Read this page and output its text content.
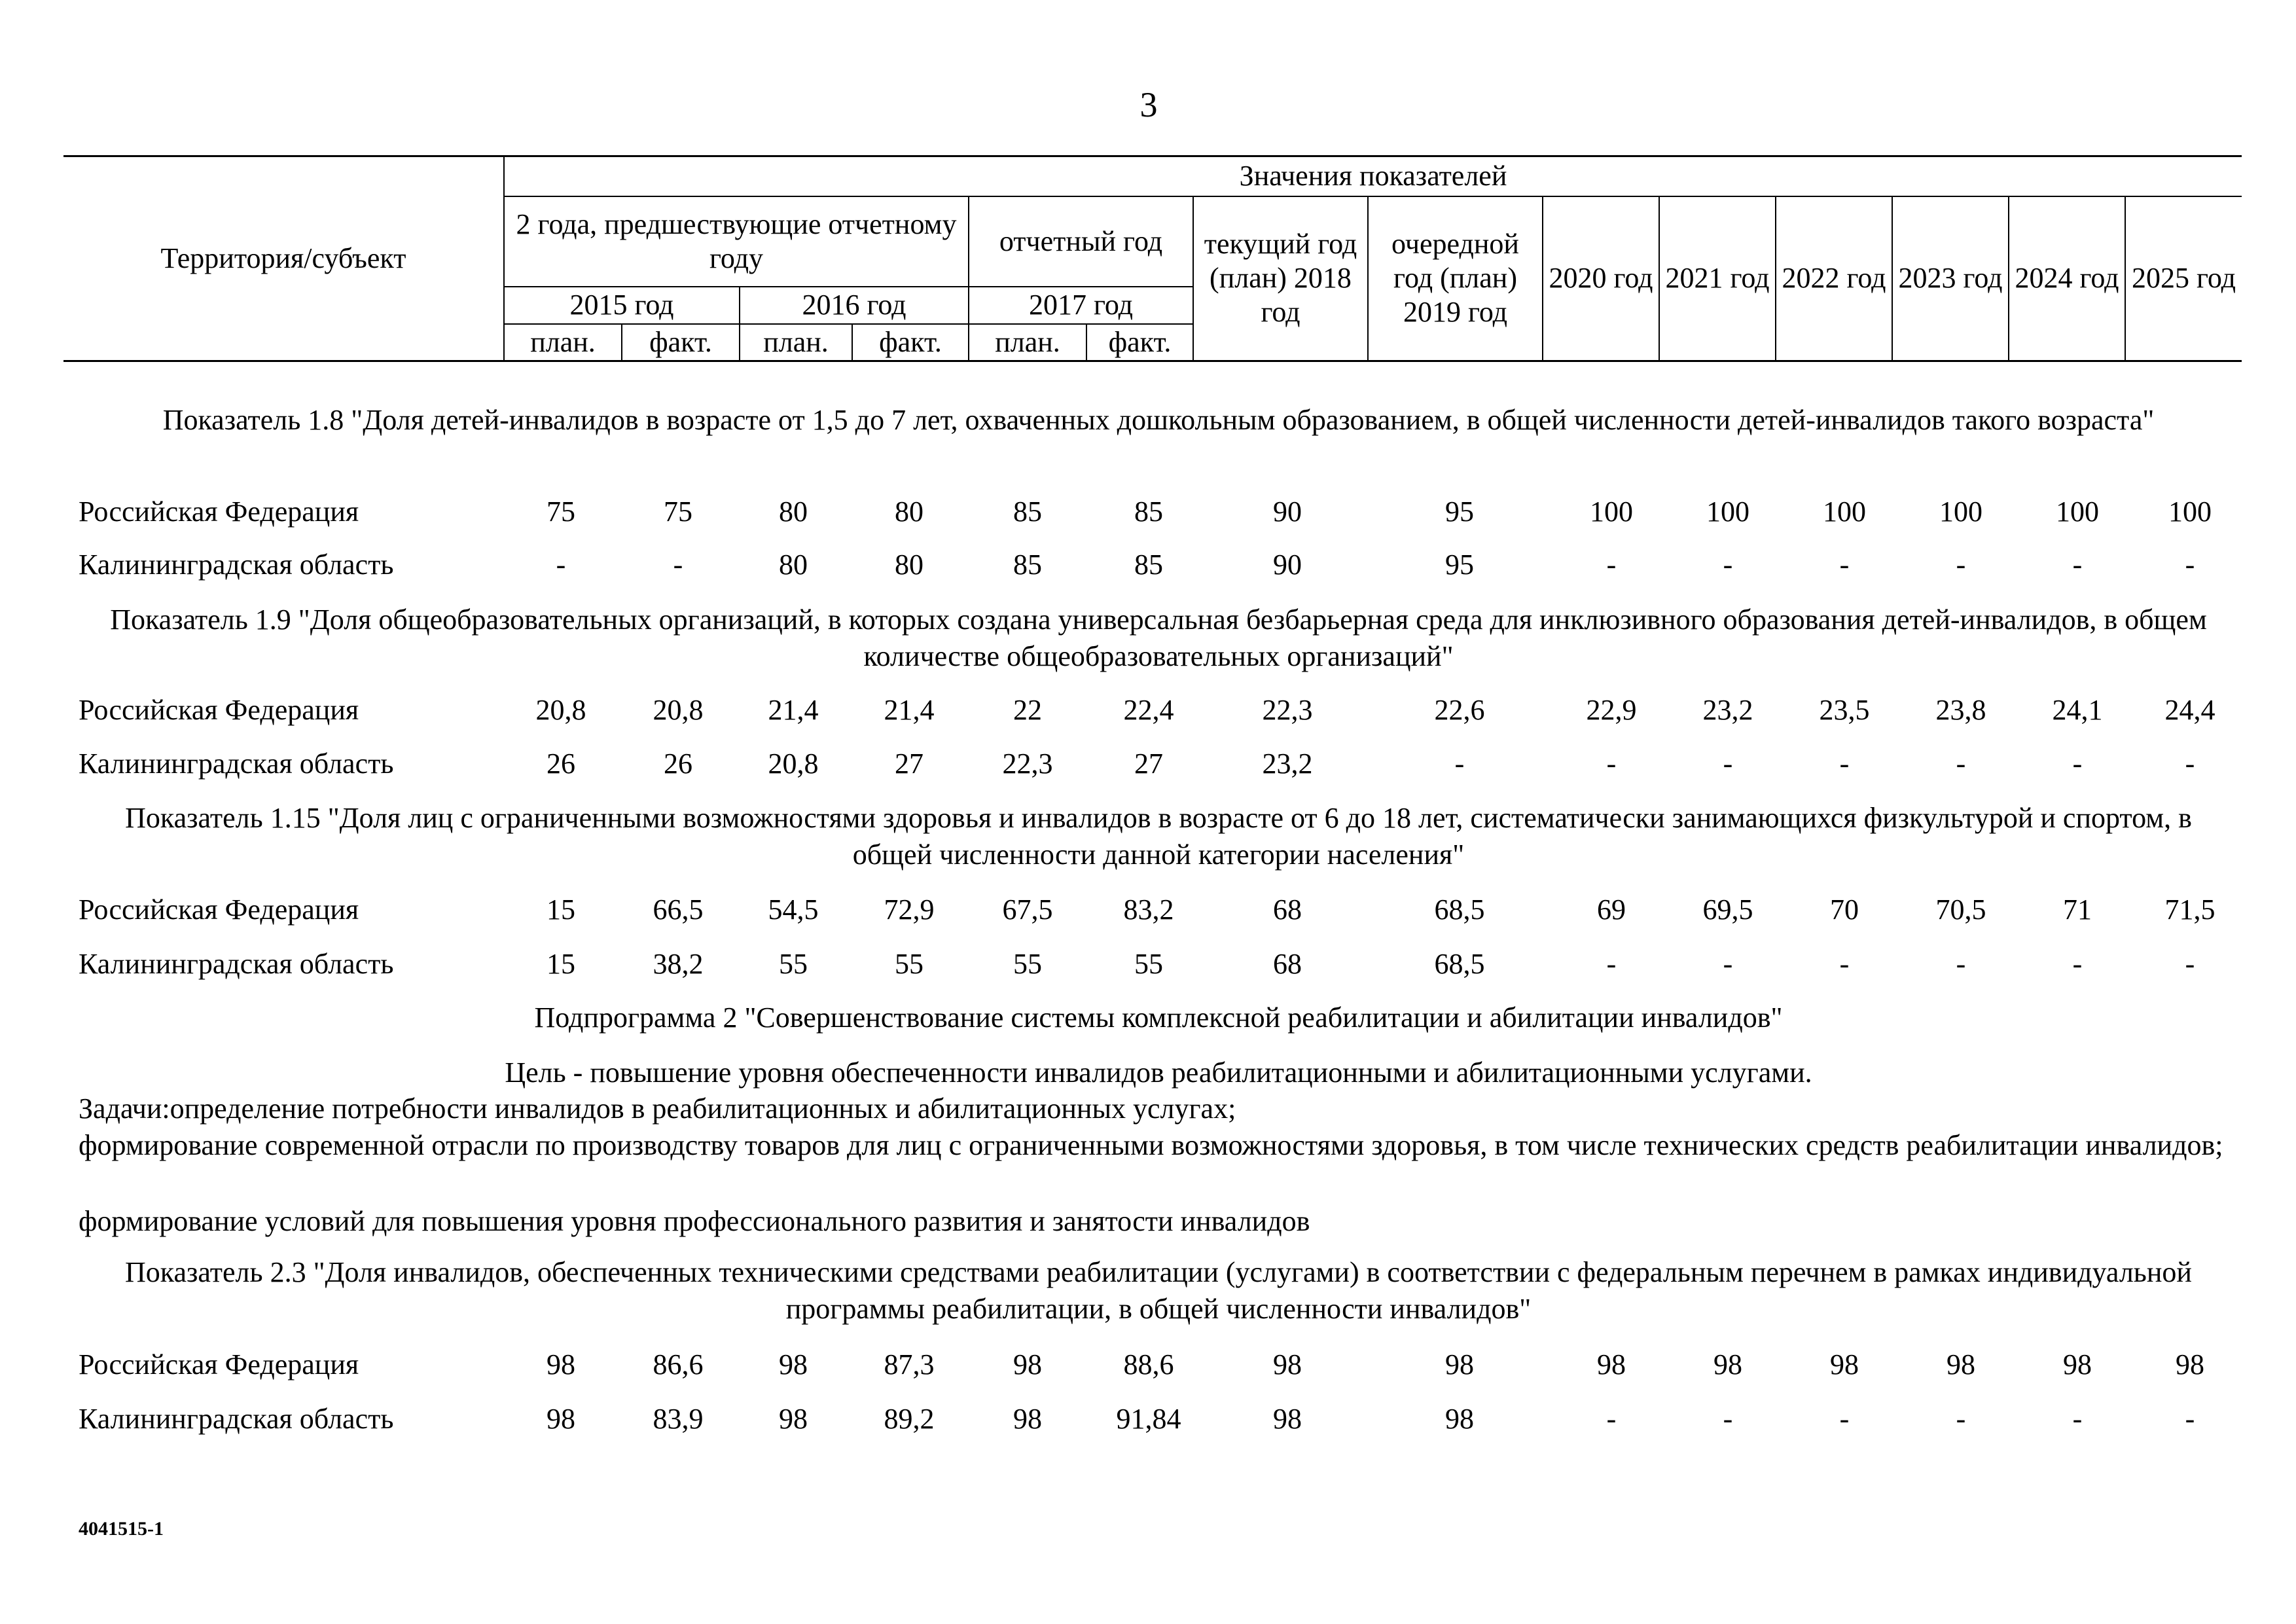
3
Территория/субъект	Значения показателей													
	2 года, предшествующие отчетному году				отчетный год		текущий год (план) 2018 год	очередной год (план) 2019 год	2020 год	2021 год	2022 год	2023 год	2024 год	2025 год
	2015 год		2016 год		2017 год									
	план.	факт.	план.	факт.	план.	факт.								
Показатель 1.8 "Доля детей-инвалидов в возрасте от 1,5 до 7 лет, охваченных дошкольным образованием, в общей численности детей-инвалидов такого возраста"
Российская Федерация	75	75	80	80	85	85	90	95	100	100	100	100	100	100
Калининградская область	-	-	80	80	85	85	90	95	-	-	-	-	-	-
Показатель 1.9 "Доля общеобразовательных организаций, в которых создана универсальная безбарьерная среда для инклюзивного образования детей-инвалидов, в общем количестве общеобразовательных организаций"
Российская Федерация	20,8	20,8	21,4	21,4	22	22,4	22,3	22,6	22,9	23,2	23,5	23,8	24,1	24,4
Калининградская область	26	26	20,8	27	22,3	27	23,2	-	-	-	-	-	-	-
Показатель 1.15 "Доля лиц с ограниченными возможностями здоровья и инвалидов в возрасте от 6 до 18 лет, систематически занимающихся физкультурой и спортом, в общей численности данной категории населения"
Российская Федерация	15	66,5	54,5	72,9	67,5	83,2	68	68,5	69	69,5	70	70,5	71	71,5
Калининградская область	15	38,2	55	55	55	55	68	68,5	-	-	-	-	-	-
Подпрограмма 2 "Совершенствование системы комплексной реабилитации и абилитации инвалидов"
Цель - повышение уровня обеспеченности инвалидов реабилитационными и абилитационными услугами.
Задачи:определение потребности инвалидов в реабилитационных и абилитационных услугах;
формирование современной отрасли по производству товаров для лиц с ограниченными возможностями здоровья, в том числе технических средств реабилитации инвалидов;
формирование условий для повышения уровня профессионального развития и занятости инвалидов
Показатель 2.3 "Доля инвалидов, обеспеченных техническими средствами реабилитации (услугами) в соответствии с федеральным перечнем в рамках индивидуальной программы реабилитации, в общей численности инвалидов"
Российская Федерация	98	86,6	98	87,3	98	88,6	98	98	98	98	98	98	98	98
Калининградская область	98	83,9	98	89,2	98	91,84	98	98	-	-	-	-	-	-
4041515-1
